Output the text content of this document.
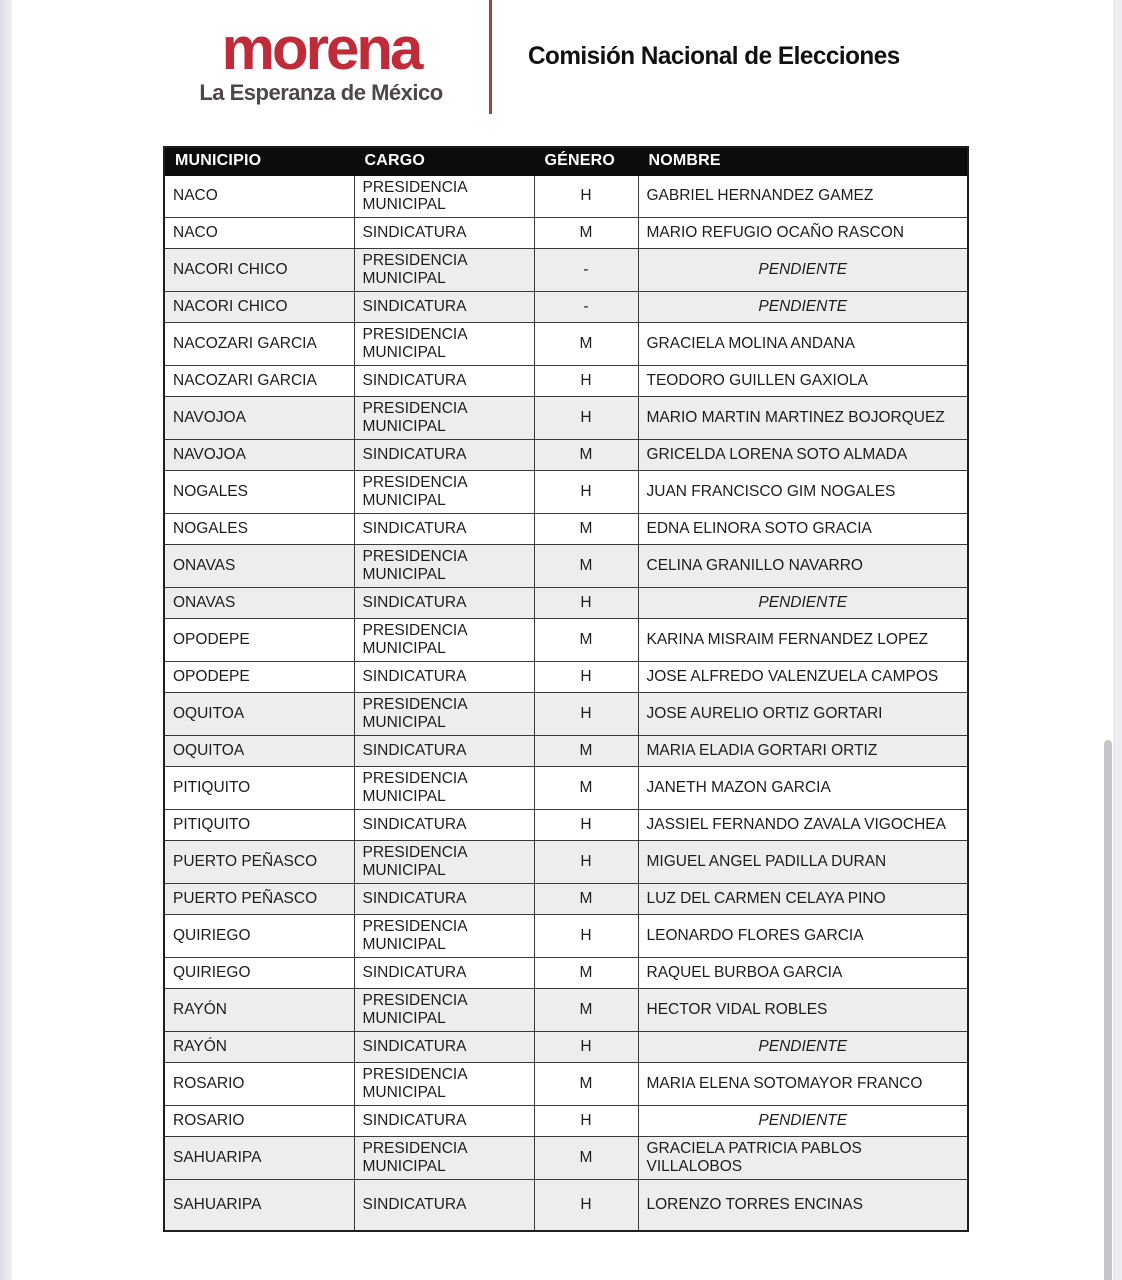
morena
La Esperanza de México
Comisión Nacional de Elecciones
MUNICIPIO	CARGO	GÉNERO	NOMBRE
NACO	PRESIDENCIA MUNICIPAL	H	GABRIEL HERNANDEZ GAMEZ
NACO	SINDICATURA	M	MARIO REFUGIO OCAÑO RASCON
NACORI CHICO	PRESIDENCIA MUNICIPAL	-	PENDIENTE
NACORI CHICO	SINDICATURA	-	PENDIENTE
NACOZARI GARCIA	PRESIDENCIA MUNICIPAL	M	GRACIELA MOLINA ANDANA
NACOZARI GARCIA	SINDICATURA	H	TEODORO GUILLEN GAXIOLA
NAVOJOA	PRESIDENCIA MUNICIPAL	H	MARIO MARTIN MARTINEZ BOJORQUEZ
NAVOJOA	SINDICATURA	M	GRICELDA LORENA SOTO ALMADA
NOGALES	PRESIDENCIA MUNICIPAL	H	JUAN FRANCISCO GIM NOGALES
NOGALES	SINDICATURA	M	EDNA ELINORA SOTO GRACIA
ONAVAS	PRESIDENCIA MUNICIPAL	M	CELINA GRANILLO NAVARRO
ONAVAS	SINDICATURA	H	PENDIENTE
OPODEPE	PRESIDENCIA MUNICIPAL	M	KARINA MISRAIM FERNANDEZ LOPEZ
OPODEPE	SINDICATURA	H	JOSE ALFREDO VALENZUELA CAMPOS
OQUITOA	PRESIDENCIA MUNICIPAL	H	JOSE AURELIO ORTIZ GORTARI
OQUITOA	SINDICATURA	M	MARIA ELADIA GORTARI ORTIZ
PITIQUITO	PRESIDENCIA MUNICIPAL	M	JANETH MAZON GARCIA
PITIQUITO	SINDICATURA	H	JASSIEL FERNANDO ZAVALA VIGOCHEA
PUERTO PEÑASCO	PRESIDENCIA MUNICIPAL	H	MIGUEL ANGEL PADILLA DURAN
PUERTO PEÑASCO	SINDICATURA	M	LUZ DEL CARMEN CELAYA PINO
QUIRIEGO	PRESIDENCIA MUNICIPAL	H	LEONARDO FLORES GARCIA
QUIRIEGO	SINDICATURA	M	RAQUEL BURBOA GARCIA
RAYÓN	PRESIDENCIA MUNICIPAL	M	HECTOR VIDAL ROBLES
RAYÓN	SINDICATURA	H	PENDIENTE
ROSARIO	PRESIDENCIA MUNICIPAL	M	MARIA ELENA SOTOMAYOR FRANCO
ROSARIO	SINDICATURA	H	PENDIENTE
SAHUARIPA	PRESIDENCIA MUNICIPAL	M	GRACIELA PATRICIA PABLOS VILLALOBOS
SAHUARIPA	SINDICATURA	H	LORENZO TORRES ENCINAS
